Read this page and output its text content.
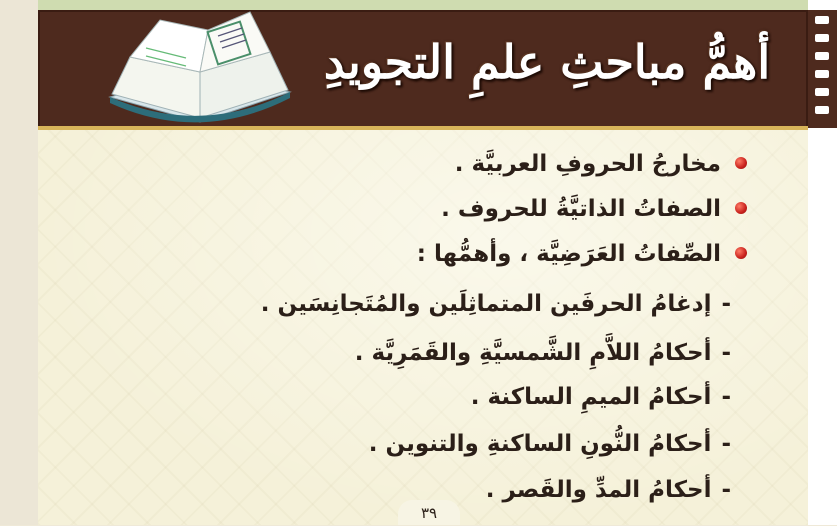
أهمُّ مباحثِ علمِ التجويدِ
مخارجُ الحروفِ العربيَّة .
الصفاتُ الذاتيَّةُ للحروف .
الصِّفاتُ العَرَضِيَّة ، وأهمُّها :
-إدغامُ الحرفَين المتماثِلَين والمُتَجانِسَين .
-أحكامُ اللاَّمِ الشَّمسيَّةِ والقَمَرِيَّة .
-أحكامُ الميمِ الساكنة .
-أحكامُ النُّونِ الساكنةِ والتنوين .
-أحكامُ المدِّ والقَصر .
٣٩
